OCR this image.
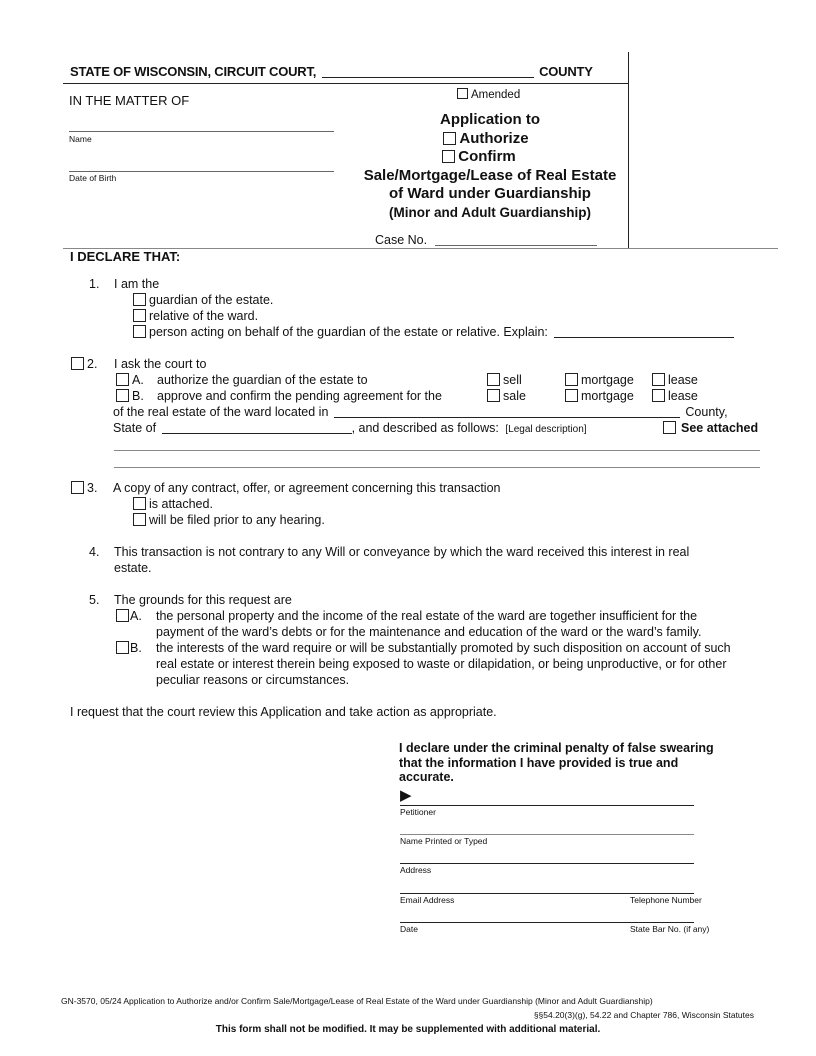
STATE OF WISCONSIN, CIRCUIT COURT,	COUNTY
IN THE MATTER OF
Name
Date of Birth
Amended
Application to
Authorize
Confirm
Sale/Mortgage/Lease of Real Estate
of Ward under Guardianship
(Minor and Adult Guardianship)
Case No.
I DECLARE THAT:
1. I am the
guardian of the estate.
relative of the ward.
person acting on behalf of the guardian of the estate or relative. Explain:
2. I ask the court to
A. authorize the guardian of the estate to	sell	mortgage	lease
B. approve and confirm the pending agreement for the	sale	mortgage	lease
of the real estate of the ward located in	County,
State of	, and described as follows: [Legal description]	See attached
3. A copy of any contract, offer, or agreement concerning this transaction
is attached.
will be filed prior to any hearing.
4. This transaction is not contrary to any Will or conveyance by which the ward received this interest in real
estate.
5. The grounds for this request are
A. the personal property and the income of the real estate of the ward are together insufficient for the
payment of the ward’s debts or for the maintenance and education of the ward or the ward’s family.
B. the interests of the ward require or will be substantially promoted by such disposition on account of such
real estate or interest therein being exposed to waste or dilapidation, or being unproductive, or for other
peculiar reasons or circumstances.
I request that the court review this Application and take action as appropriate.
I declare under the criminal penalty of false swearing
that the information I have provided is true and
accurate.
▶
Petitioner
Name Printed or Typed
Address
Email Address	Telephone Number
Date	State Bar No. (if any)
GN-3570, 05/24 Application to Authorize and/or Confirm Sale/Mortgage/Lease of Real Estate of the Ward under Guardianship (Minor and Adult Guardianship)
§§54.20(3)(g), 54.22 and Chapter 786, Wisconsin Statutes
This form shall not be modified. It may be supplemented with additional material.
